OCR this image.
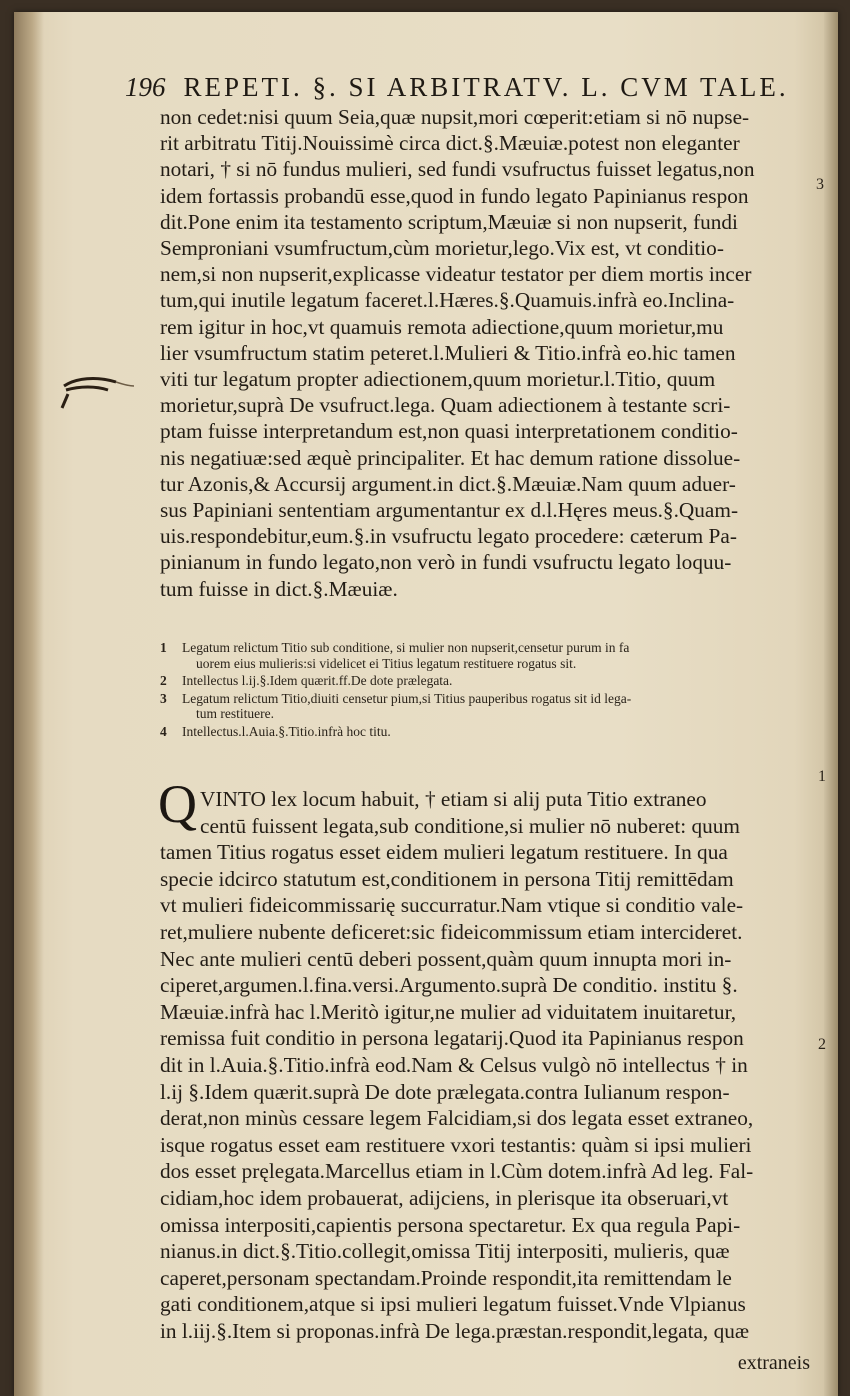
196 REPETI. §. SI ARBITRATV. L. CVM TALE.
non cedet:nisi quum Seia,quæ nupsit,mori cœperit:etiam si nō nupse-
rit arbitratu Titij.Nouissimè circa dict.§.Mæuiæ.potest non eleganter
notari, † si nō fundus mulieri, sed fundi vsufructus fuisset legatus,non
idem fortassis probandū esse,quod in fundo legato Papinianus respon
dit.Pone enim ita testamento scriptum,Mæuiæ si non nupserit, fundi
Semproniani vsumfructum,cùm morietur,lego.Vix est, vt conditio-
nem,si non nupserit,explicasse videatur testator per diem mortis incer
tum,qui inutile legatum faceret.l.Hæres.§.Quamuis.infrà eo.Inclina-
rem igitur in hoc,vt quamuis remota adiectione,quum morietur,mu
lier vsumfructum statim peteret.l.Mulieri & Titio.infrà eo.hic tamen
viti tur legatum propter adiectionem,quum morietur.l.Titio, quum
morietur,suprà De vsufruct.lega. Quam adiectionem à testante scri-
ptam fuisse interpretandum est,non quasi interpretationem conditio-
nis negatiuæ:sed æquè principaliter. Et hac demum ratione dissolue-
tur Azonis,& Accursij argument.in dict.§.Mæuiæ.Nam quum aduer-
sus Papiniani sententiam argumentantur ex d.l.Hęres meus.§.Quam-
uis.respondebitur,eum.§.in vsufructu legato procedere: cæterum Pa-
pinianum in fundo legato,non verò in fundi vsufructu legato loquu-
tum fuisse in dict.§.Mæuiæ.
1 Legatum relictum Titio sub conditione, si mulier non nupserit,censetur purum in fa
uorem eius mulieris:si videlicet ei Titius legatum restituere rogatus sit.
2 Intellectus l.ij.§.Idem quærit.ff.De dote prælegata.
3 Legatum relictum Titio,diuiti censetur pium,si Titius pauperibus rogatus sit id lega-
tum restituere.
4 Intellectus.l.Auia.§.Titio.infrà hoc titu.
Q VINTO lex locum habuit, † etiam si alij puta Titio extraneo
centū fuissent legata,sub conditione,si mulier nō nuberet: quum
tamen Titius rogatus esset eidem mulieri legatum restituere. In qua
specie idcirco statutum est,conditionem in persona Titij remittēdam
vt mulieri fideicommissarię succurratur.Nam vtique si conditio vale-
ret,muliere nubente deficeret:sic fideicommissum etiam intercideret.
Nec ante mulieri centū deberi possent,quàm quum innupta mori in-
ciperet,argumen.l.fina.versi.Argumento.suprà De conditio. institu §.
Mæuiæ.infrà hac l.Meritò igitur,ne mulier ad viduitatem inuitaretur,
remissa fuit conditio in persona legatarij.Quod ita Papinianus respon
dit in l.Auia.§.Titio.infrà eod.Nam & Celsus vulgò nō intellectus † in
l.ij §.Idem quærit.suprà De dote prælegata.contra Iulianum respon-
derat,non minùs cessare legem Falcidiam,si dos legata esset extraneo,
isque rogatus esset eam restituere vxori testantis: quàm si ipsi mulieri
dos esset pręlegata.Marcellus etiam in l.Cùm dotem.infrà Ad leg. Fal-
cidiam,hoc idem probauerat, adijciens, in plerisque ita obseruari,vt
omissa interpositi,capientis persona spectaretur. Ex qua regula Papi-
nianus.in dict.§.Titio.collegit,omissa Titij interpositi, mulieris, quæ
caperet,personam spectandam.Proinde respondit,ita remittendam le
gati conditionem,atque si ipsi mulieri legatum fuisset.Vnde Vlpianus
in l.iij.§.Item si proponas.infrà De lega.præstan.respondit,legata, quæ
3
1
2
extraneis
